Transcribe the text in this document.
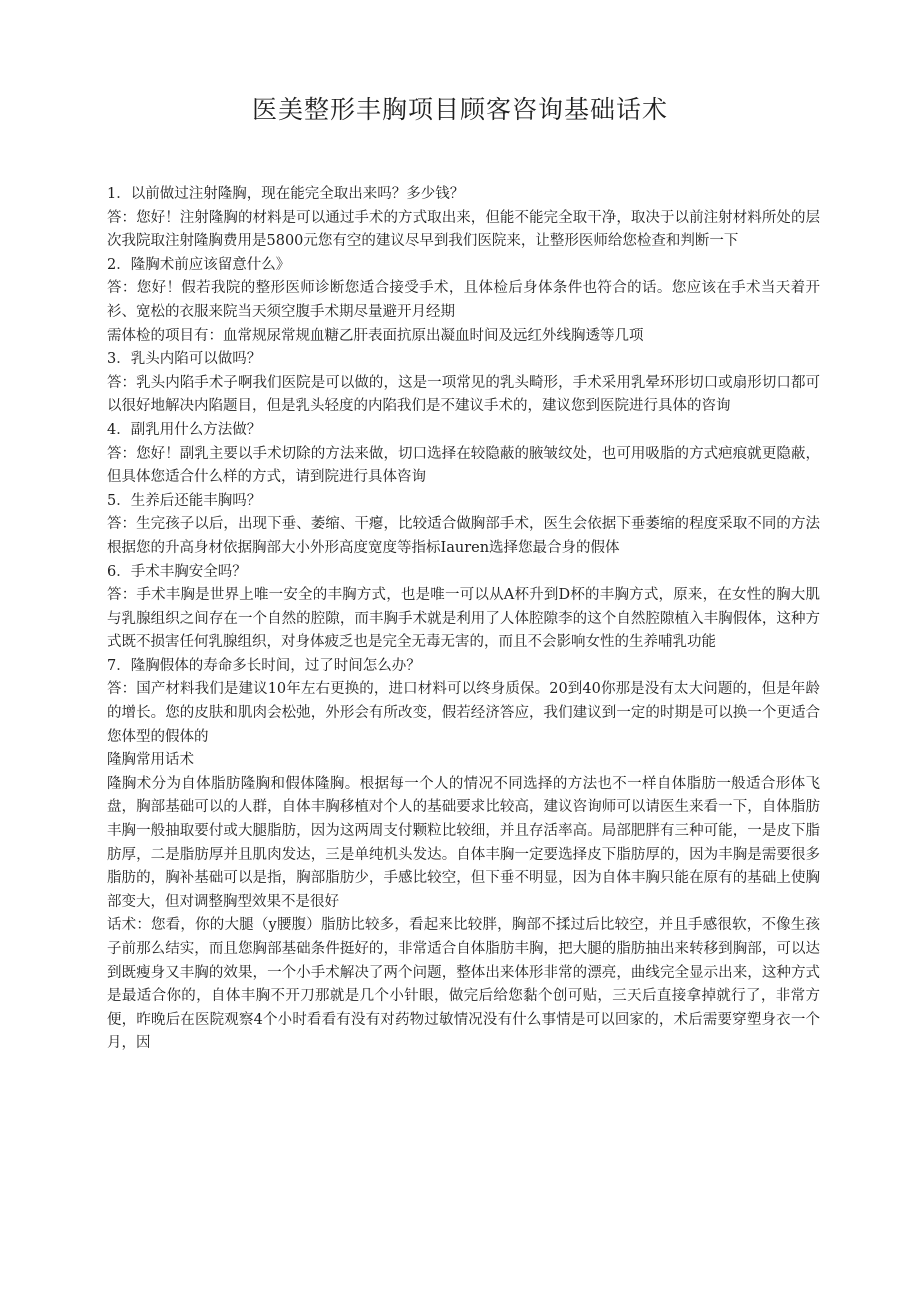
医美整形丰胸项目顾客咨询基础话术

1．以前做过注射隆胸，现在能完全取出来吗？多少钱？

答：您好！注射隆胸的材料是可以通过手术的方式取出来，但能不能完全取干净，取决于以前注射材料所处的层次我院取注射隆胸费用是5800元您有空的建议尽早到我们医院来，让整形医师给您检查和判断一下

2．隆胸术前应该留意什么》

答：您好！假若我院的整形医师诊断您适合接受手术，且体检后身体条件也符合的话。您应该在手术当天着开衫、宽松的衣服来院当天须空腹手术期尽量避开月经期

需体检的项目有：血常规尿常规血糖乙肝表面抗原出凝血时间及远红外线胸透等几项

3．乳头内陷可以做吗？

答：乳头内陷手术子啊我们医院是可以做的，这是一项常见的乳头畸形，手术采用乳晕环形切口或扇形切口都可以很好地解决内陷题目，但是乳头轻度的内陷我们是不建议手术的，建议您到医院进行具体的咨询

4．副乳用什么方法做？

答：您好！副乳主要以手术切除的方法来做，切口选择在较隐蔽的腋皱纹处，也可用吸脂的方式疤痕就更隐蔽，但具体您适合什么样的方式，请到院进行具体咨询

5．生养后还能丰胸吗？

答：生完孩子以后，出现下垂、萎缩、干瘪，比较适合做胸部手术，医生会依据下垂萎缩的程度采取不同的方法根据您的升高身材依据胸部大小外形高度宽度等指标Iauren选择您最合身的假体

6．手术丰胸安全吗？

答：手术丰胸是世界上唯一安全的丰胸方式，也是唯一可以从A杯升到D杯的丰胸方式，原来，在女性的胸大肌与乳腺组织之间存在一个自然的腔隙，而丰胸手术就是利用了人体腔隙李的这个自然腔隙植入丰胸假体，这种方式既不损害任何乳腺组织，对身体疲乏也是完全无毒无害的，而且不会影响女性的生养哺乳功能

7．隆胸假体的寿命多长时间，过了时间怎么办？

答：国产材料我们是建议10年左右更换的，进口材料可以终身质保。20到40你那是没有太大问题的，但是年龄的增长。您的皮肤和肌肉会松弛，外形会有所改变，假若经济答应，我们建议到一定的时期是可以换一个更适合您体型的假体的

隆胸常用话术

隆胸术分为自体脂肪隆胸和假体隆胸。根据每一个人的情况不同选择的方法也不一样自体脂肪一般适合形体飞盘，胸部基础可以的人群，自体丰胸移植对个人的基础要求比较高，建议咨询师可以请医生来看一下，自体脂肪丰胸一般抽取要付或大腿脂肪，因为这两周支付颗粒比较细，并且存活率高。局部肥胖有三种可能，一是皮下脂肪厚，二是脂肪厚并且肌肉发达，三是单纯机头发达。自体丰胸一定要选择皮下脂肪厚的，因为丰胸是需要很多脂肪的，胸补基础可以是指，胸部脂肪少，手感比较空，但下垂不明显，因为自体丰胸只能在原有的基础上使胸部变大，但对调整胸型效果不是很好

话术：您看，你的大腿（y腰腹）脂肪比较多，看起来比较胖，胸部不揉过后比较空，并且手感很软，不像生孩子前那么结实，而且您胸部基础条件挺好的，非常适合自体脂肪丰胸，把大腿的脂肪抽出来转移到胸部，可以达到既瘦身又丰胸的效果，一个小手术解决了两个问题，整体出来体形非常的漂亮，曲线完全显示出来，这种方式是最适合你的，自体丰胸不开刀那就是几个小针眼，做完后给您黏个创可贴，三天后直接拿掉就行了，非常方便，昨晚后在医院观察4个小时看看有没有对药物过敏情况没有什么事情是可以回家的，术后需要穿塑身衣一个月，因
